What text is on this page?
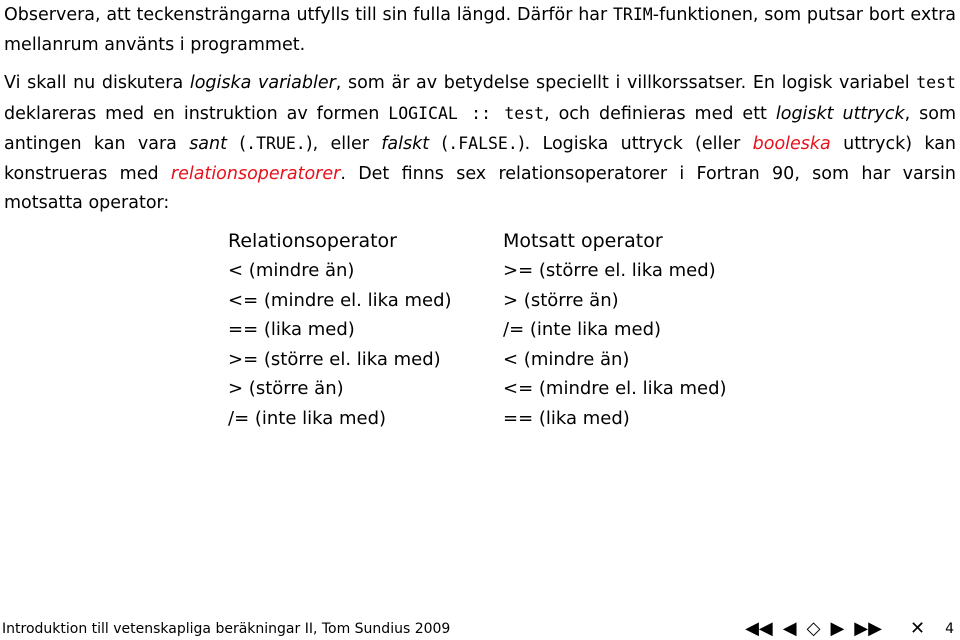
Observera, att teckensträngarna utfylls till sin fulla längd. Därför har TRIM-funktionen, som putsar bort extra mellanrum använts i programmet.

Vi skall nu diskutera logiska variabler, som är av betydelse speciellt i villkorssatser. En logisk variabel test deklareras med en instruktion av formen LOGICAL :: test, och definieras med ett logiskt uttryck, som antingen kan vara sant (.TRUE.), eller falskt (.FALSE.). Logiska uttryck (eller booleska uttryck) kan konstrueras med relationsoperatorer. Det finns sex relationsoperatorer i Fortran 90, som har varsin motsatta operator:

Relationsoperator	Motsatt operator
< (mindre än)	>= (större el. lika med)
<= (mindre el. lika med)	> (större än)
== (lika med)	/= (inte lika med)
>= (större el. lika med)	< (mindre än)
> (större än)	<= (mindre el. lika med)
/= (inte lika med)	== (lika med)
Introduktion till vetenskapliga beräkningar II, Tom Sundius 2009	◀◀ ◀ ◇ ▶ ▶▶ ✕ 4
